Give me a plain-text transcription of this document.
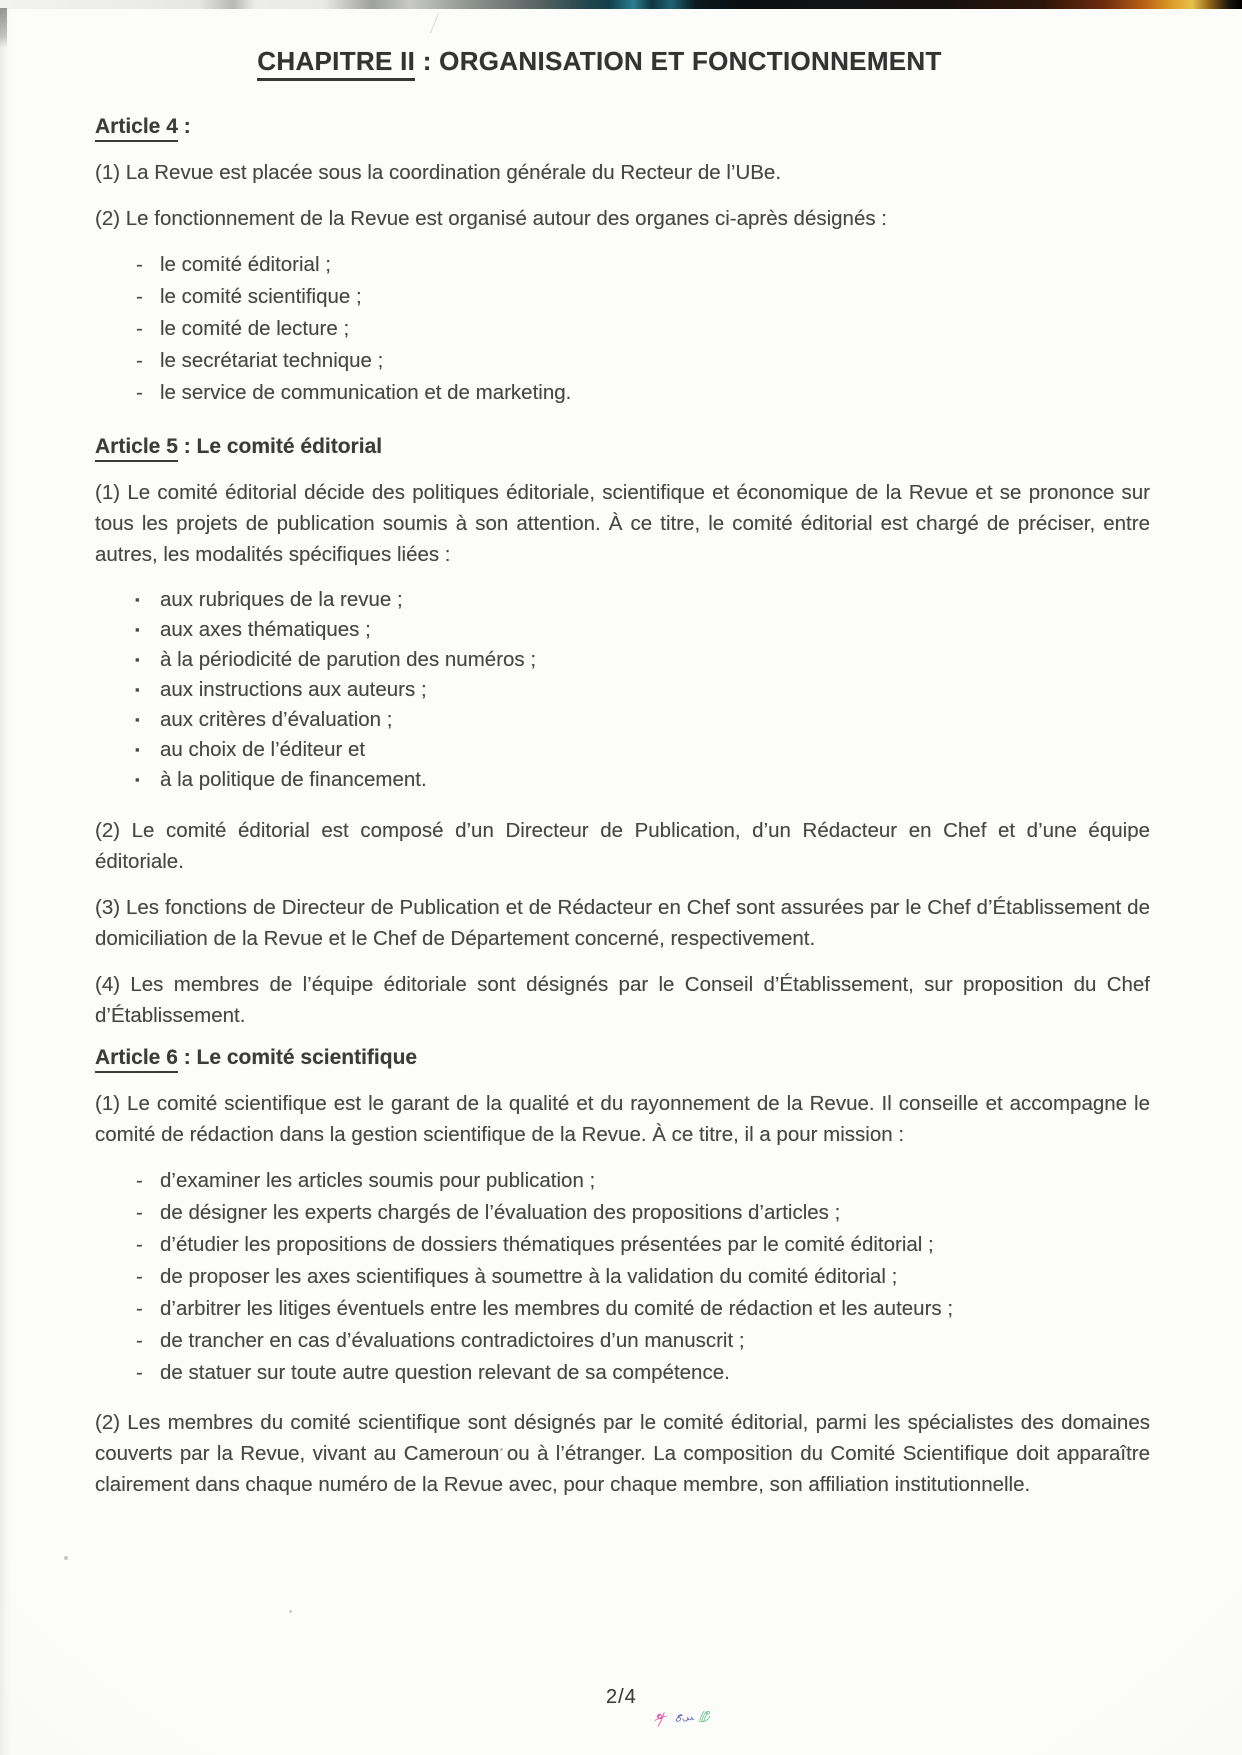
CHAPITRE II : ORGANISATION ET FONCTIONNEMENT
Article 4 :

(1) La Revue est placée sous la coordination générale du Recteur de l’UBe.

(2) Le fonctionnement de la Revue est organisé autour des organes ci-après désignés :

- le comité éditorial ;
- le comité scientifique ;
- le comité de lecture ;
- le secrétariat technique ;
- le service de communication et de marketing.
Article 5 : Le comité éditorial

(1) Le comité éditorial décide des politiques éditoriale, scientifique et économique de la Revue et se prononce sur tous les projets de publication soumis à son attention. À ce titre, le comité éditorial est chargé de préciser, entre autres, les modalités spécifiques liées :

▪ aux rubriques de la revue ;
▪ aux axes thématiques ;
▪ à la périodicité de parution des numéros ;
▪ aux instructions aux auteurs ;
▪ aux critères d’évaluation ;
▪ au choix de l’éditeur et
▪ à la politique de financement.

(2) Le comité éditorial est composé d’un Directeur de Publication, d’un Rédacteur en Chef et d’une équipe éditoriale.

(3) Les fonctions de Directeur de Publication et de Rédacteur en Chef sont assurées par le Chef d’Établissement de domiciliation de la Revue et le Chef de Département concerné, respectivement.

(4) Les membres de l’équipe éditoriale sont désignés par le Conseil d’Établissement, sur proposition du Chef d’Établissement.

Article 6 : Le comité scientifique

(1) Le comité scientifique est le garant de la qualité et du rayonnement de la Revue. Il conseille et accompagne le comité de rédaction dans la gestion scientifique de la Revue. À ce titre, il a pour mission :

- d’examiner les articles soumis pour publication ;
- de désigner les experts chargés de l’évaluation des propositions d’articles ;
- d’étudier les propositions de dossiers thématiques présentées par le comité éditorial ;
- de proposer les axes scientifiques à soumettre à la validation du comité éditorial ;
- d’arbitrer les litiges éventuels entre les membres du comité de rédaction et les auteurs ;
- de trancher en cas d’évaluations contradictoires d’un manuscrit ;
- de statuer sur toute autre question relevant de sa compétence.

(2) Les membres du comité scientifique sont désignés par le comité éditorial, parmi les spécialistes des domaines couverts par la Revue, vivant au Cameroun ou à l’étranger. La composition du Comité Scientifique doit apparaître clairement dans chaque numéro de la Revue avec, pour chaque membre, son affiliation institutionnelle.

2/4
